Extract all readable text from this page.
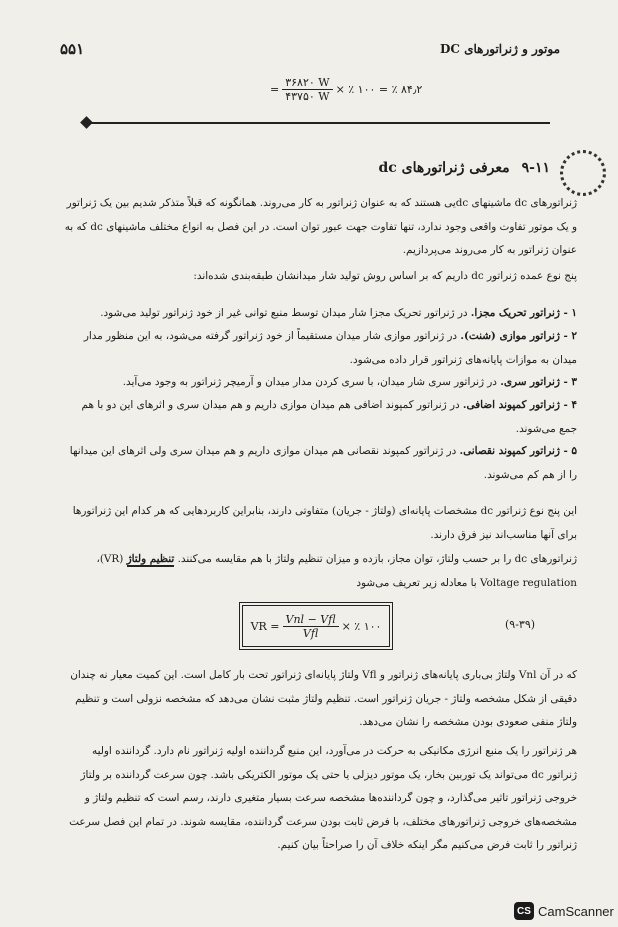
موتور و ژنراتورهای DC
۵۵۱
= $\frac{۳۶۸۲۰ W}{۴۳۷۵۰ W}$ × ٪ ۱۰۰ = ٪ ۸۴٫۲
۹-۱۱
معرفی ژنراتورهای dc
ژنراتورهای dc ماشینهای dcیی هستند که به عنوان ژنراتور به کار می‌روند. همانگونه که قبلاً متذکر شدیم بین یک ژنراتور و یک موتور تفاوت واقعی وجود ندارد، تنها تفاوت جهت عبور توان است. در این فصل به انواع مختلف ماشینهای dc که به عنوان ژنراتور به کار می‌روند می‌پردازیم.
پنج نوع عمده ژنراتور dc داریم که بر اساس روش تولید شار میدانشان طبقه‌بندی شده‌اند:
۱ - ژنراتور تحریک مجزا. در ژنراتور تحریک مجزا شار میدان توسط منبع توانی غیر از خود ژنراتور تولید می‌شود.
۲ - ژنراتور موازی (شنت). در ژنراتور موازی شار میدان مستقیماً از خود ژنراتور گرفته می‌شود، به این منظور مدار میدان به موازات پایانه‌های ژنراتور قرار داده می‌شود.
۳ - ژنراتور سری. در ژنراتور سری شار میدان، با سری کردن مدار میدان و آرمیچر ژنراتور به وجود می‌آید.
۴ - ژنراتور کمپوند اضافی. در ژنراتور کمپوند اضافی هم میدان موازی داریم و هم میدان سری و اثرهای این دو با هم جمع می‌شوند.
۵ - ژنراتور کمپوند نقصانی. در ژنراتور کمپوند نقصانی هم میدان موازی داریم و هم میدان سری ولی اثرهای این میدانها را از هم کم می‌شوند.
این پنج نوع ژنراتور dc مشخصات پایانه‌ای (ولتاژ - جریان) متفاوتی دارند، بنابراین کاربردهایی که هر کدام این ژنراتورها برای آنها مناسب‌اند نیز فرق دارند.
ژنراتورهای dc را بر حسب ولتاژ، توان مجاز، بازده و میزان تنظیم ولتاژ با هم مقایسه می‌کنند. تنظیم ولتاژ (VR)، Voltage regulation با معادله زیر تعریف می‌شود
VR = $\frac{\text{Vnl − Vfl}}{\text{Vfl}}$ × ٪ ۱۰۰	(۹-۳۹)
که در آن Vnl ولتاژ بی‌باری پایانه‌های ژنراتور و Vfl ولتاژ پایانه‌ای ژنراتور تحت بار کامل است. این کمیت معیار نه چندان دقیقی از شکل مشخصه ولتاژ - جریان ژنراتور است. تنظیم ولتاژ مثبت نشان می‌دهد که مشخصه نزولی است و تنظیم ولتاژ منفی صعودی بودن مشخصه را نشان می‌دهد.
هر ژنراتور را یک منبع انرژی مکانیکی به حرکت در می‌آورد، این منبع گرداننده اولیه ژنراتور نام دارد. گرداننده اولیه ژنراتور dc می‌تواند یک توربین بخار، یک موتور دیزلی یا حتی یک موتور الکتریکی باشد. چون سرعت گرداننده بر ولتاژ خروجی ژنراتور تاثیر می‌گذارد، و چون گرداننده‌ها مشخصه سرعت بسیار متغیری دارند، رسم است که تنظیم ولتاژ و مشخصه‌های خروجی ژنراتورهای مختلف، با فرض ثابت بودن سرعت گرداننده، مقایسه شوند. در تمام این فصل سرعت ژنراتور را ثابت فرض می‌کنیم مگر اینکه خلاف آن را صراحتاً بیان کنیم.
CS CamScanner
